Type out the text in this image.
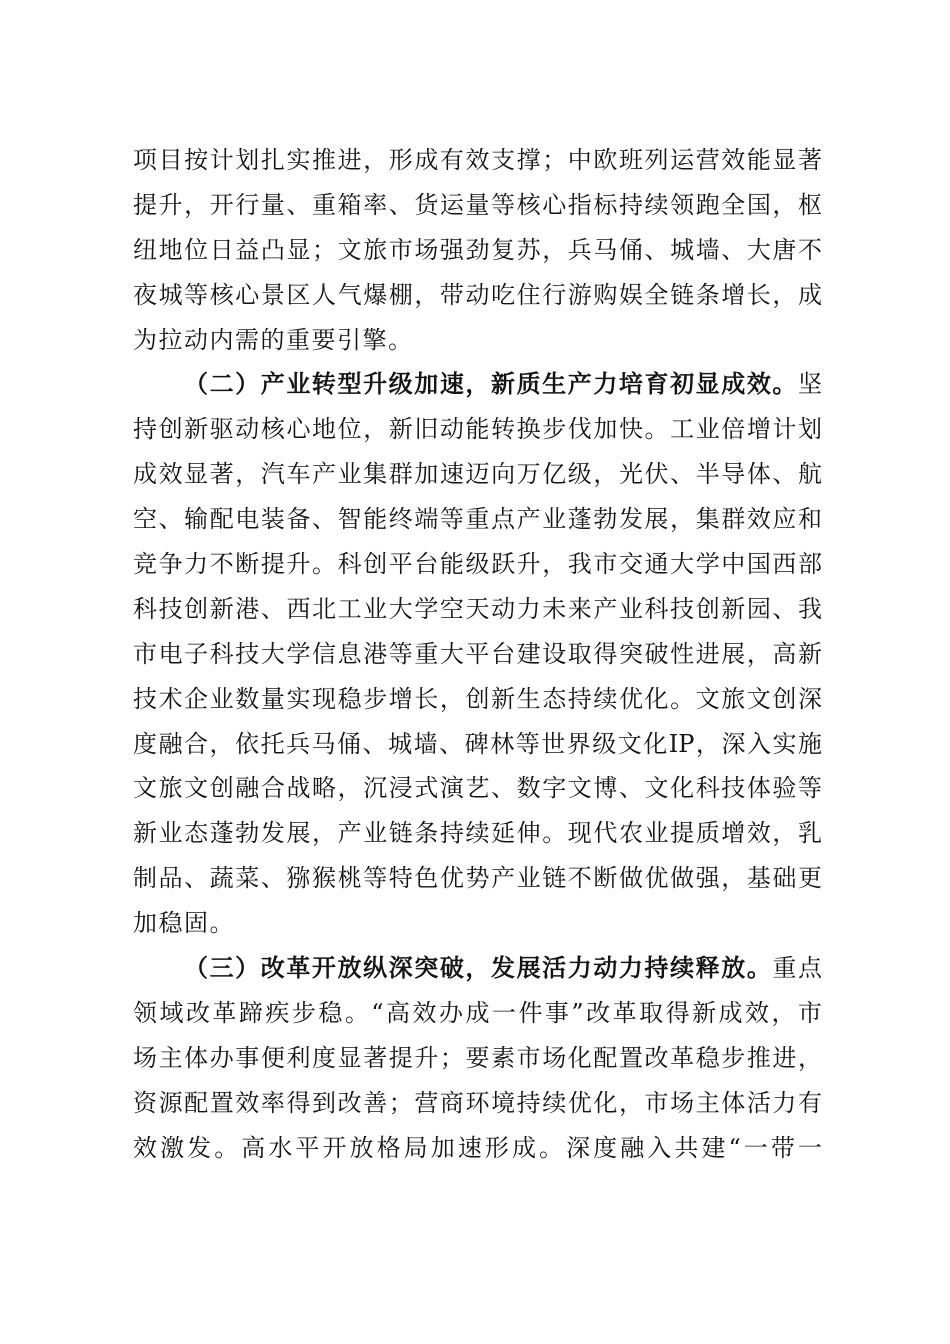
项目按计划扎实推进，形成有效支撑；中欧班列运营效能显著
提升，开行量、重箱率、货运量等核心指标持续领跑全国，枢
纽地位日益凸显；文旅市场强劲复苏，兵马俑、城墙、大唐不
夜城等核心景区人气爆棚，带动吃住行游购娱全链条增长，成
为拉动内需的重要引擎。
（二）产业转型升级加速，新质生产力培育初显成效。坚
持创新驱动核心地位，新旧动能转换步伐加快。工业倍增计划
成效显著，汽车产业集群加速迈向万亿级，光伏、半导体、航
空、输配电装备、智能终端等重点产业蓬勃发展，集群效应和
竞争力不断提升。科创平台能级跃升，我市交通大学中国西部
科技创新港、西北工业大学空天动力未来产业科技创新园、我
市电子科技大学信息港等重大平台建设取得突破性进展，高新
技术企业数量实现稳步增长，创新生态持续优化。文旅文创深
度融合，依托兵马俑、城墙、碑林等世界级文化IP，深入实施
文旅文创融合战略，沉浸式演艺、数字文博、文化科技体验等
新业态蓬勃发展，产业链条持续延伸。现代农业提质增效，乳
制品、蔬菜、猕猴桃等特色优势产业链不断做优做强，基础更
加稳固。
（三）改革开放纵深突破，发展活力动力持续释放。重点
领域改革蹄疾步稳。“高效办成一件事”改革取得新成效，市
场主体办事便利度显著提升；要素市场化配置改革稳步推进，
资源配置效率得到改善；营商环境持续优化，市场主体活力有
效激发。高水平开放格局加速形成。深度融入共建“一带一
